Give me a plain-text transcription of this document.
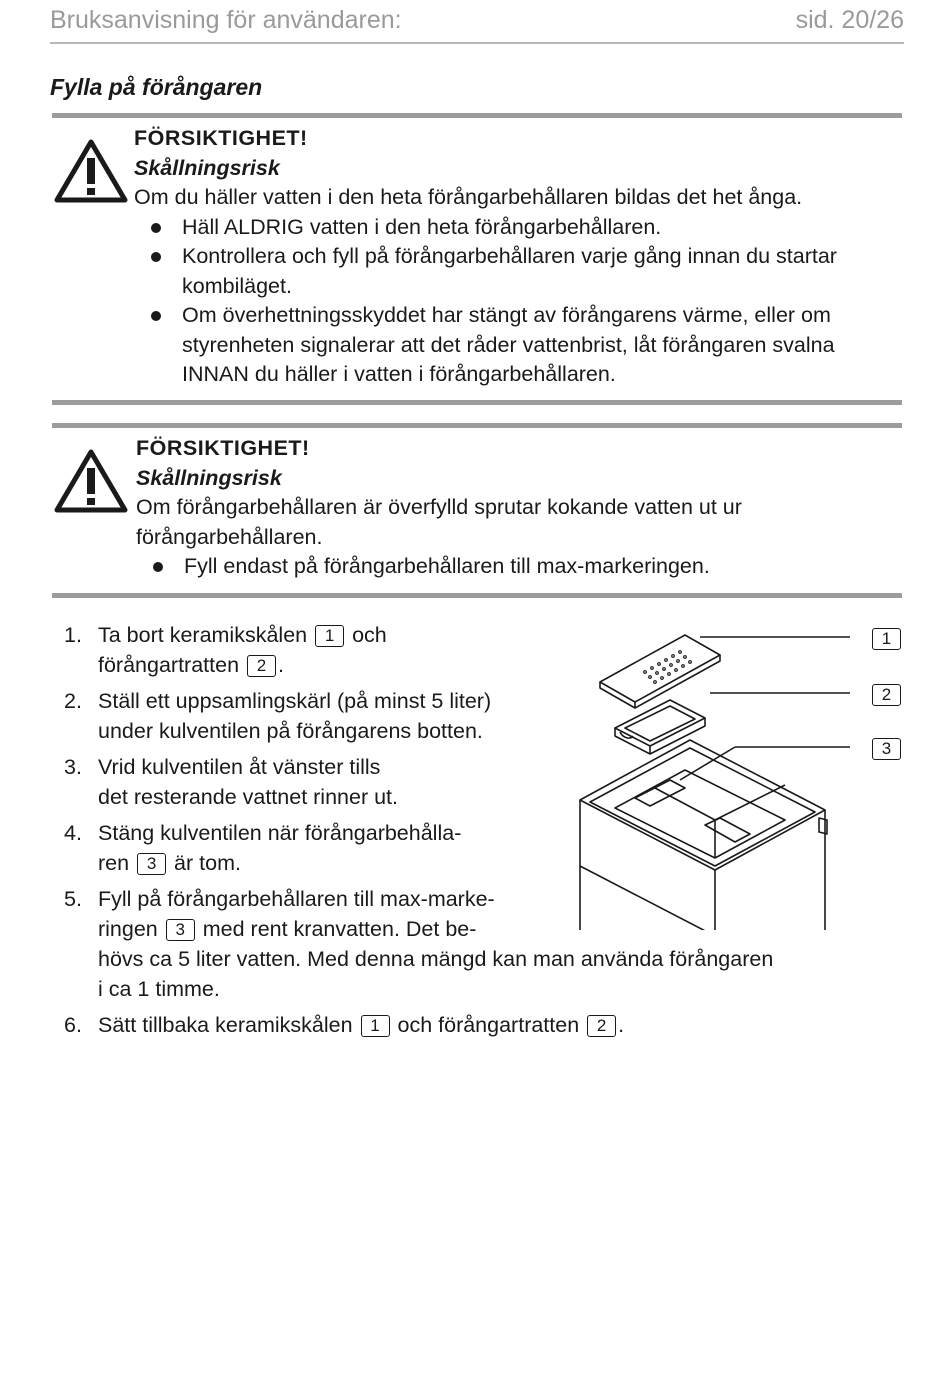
Bruksanvisning för användaren:	sid. 20/26
Fylla på förångaren
FÖRSIKTIGHET!
Skållningsrisk
Om du häller vatten i den heta förångarbehållaren bildas det het ånga.
Häll ALDRIG vatten i den heta förångarbehållaren.
Kontrollera och fyll på förångarbehållaren varje gång innan du startar kombiläget.
Om överhettningsskyddet har stängt av förångarens värme, eller om styrenheten signalerar att det råder vattenbrist, låt förångaren svalna INNAN du häller i vatten i förångarbehållaren.
FÖRSIKTIGHET!
Skållningsrisk
Om förångarbehållaren är överfylld sprutar kokande vatten ut ur förångarbehållaren.
Fyll endast på förångarbehållaren till max-markeringen.
1. Ta bort keramikskålen 1 och
förångartratten 2 .
2. Ställ ett uppsamlingskärl (på minst 5 liter)
under kulventilen på förångarens botten.
3. Vrid kulventilen åt vänster tills
det resterande vattnet rinner ut.
4. Stäng kulventilen när förångarbehålla-
ren 3 är tom.
5. Fyll på förångarbehållaren till max-marke-
ringen 3 med rent kranvatten. Det be-
hövs ca 5 liter vatten. Med denna mängd kan man använda förångaren
i ca 1 timme.
6. Sätt tillbaka keramikskålen 1 och förångartratten 2 .
1
2
3
